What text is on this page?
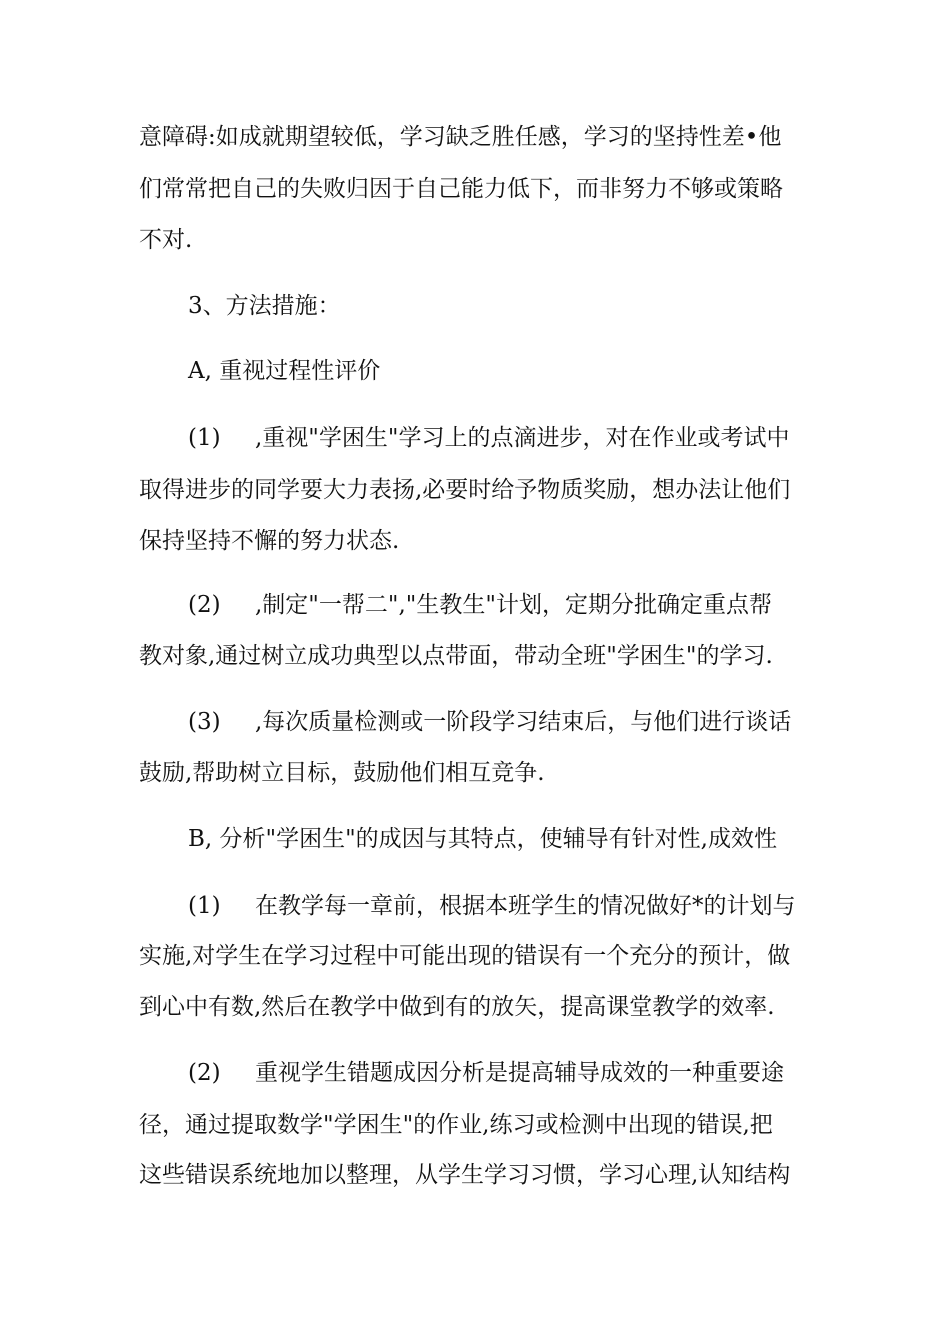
意障碍:如成就期望较低，学习缺乏胜任感，学习的坚持性差•他
们常常把自己的失败归因于自己能力低下，而非努力不够或策略
不对.
3、方法措施：
A, 重视过程性评价
(1) ,重视"学困生"学习上的点滴进步，对在作业或考试中
取得进步的同学要大力表扬,必要时给予物质奖励，想办法让他们
保持坚持不懈的努力状态.
(2) ,制定"一帮二","生教生"计划，定期分批确定重点帮
教对象,通过树立成功典型以点带面，带动全班"学困生"的学习.
(3) ,每次质量检测或一阶段学习结束后，与他们进行谈话
鼓励,帮助树立目标，鼓励他们相互竞争.
B, 分析"学困生"的成因与其特点，使辅导有针对性,成效性
(1) 在教学每一章前，根据本班学生的情况做好*的计划与
实施,对学生在学习过程中可能出现的错误有一个充分的预计，做
到心中有数,然后在教学中做到有的放矢，提高课堂教学的效率.
(2) 重视学生错题成因分析是提高辅导成效的一种重要途
径，通过提取数学"学困生"的作业,练习或检测中出现的错误,把
这些错误系统地加以整理，从学生学习习惯，学习心理,认知结构
